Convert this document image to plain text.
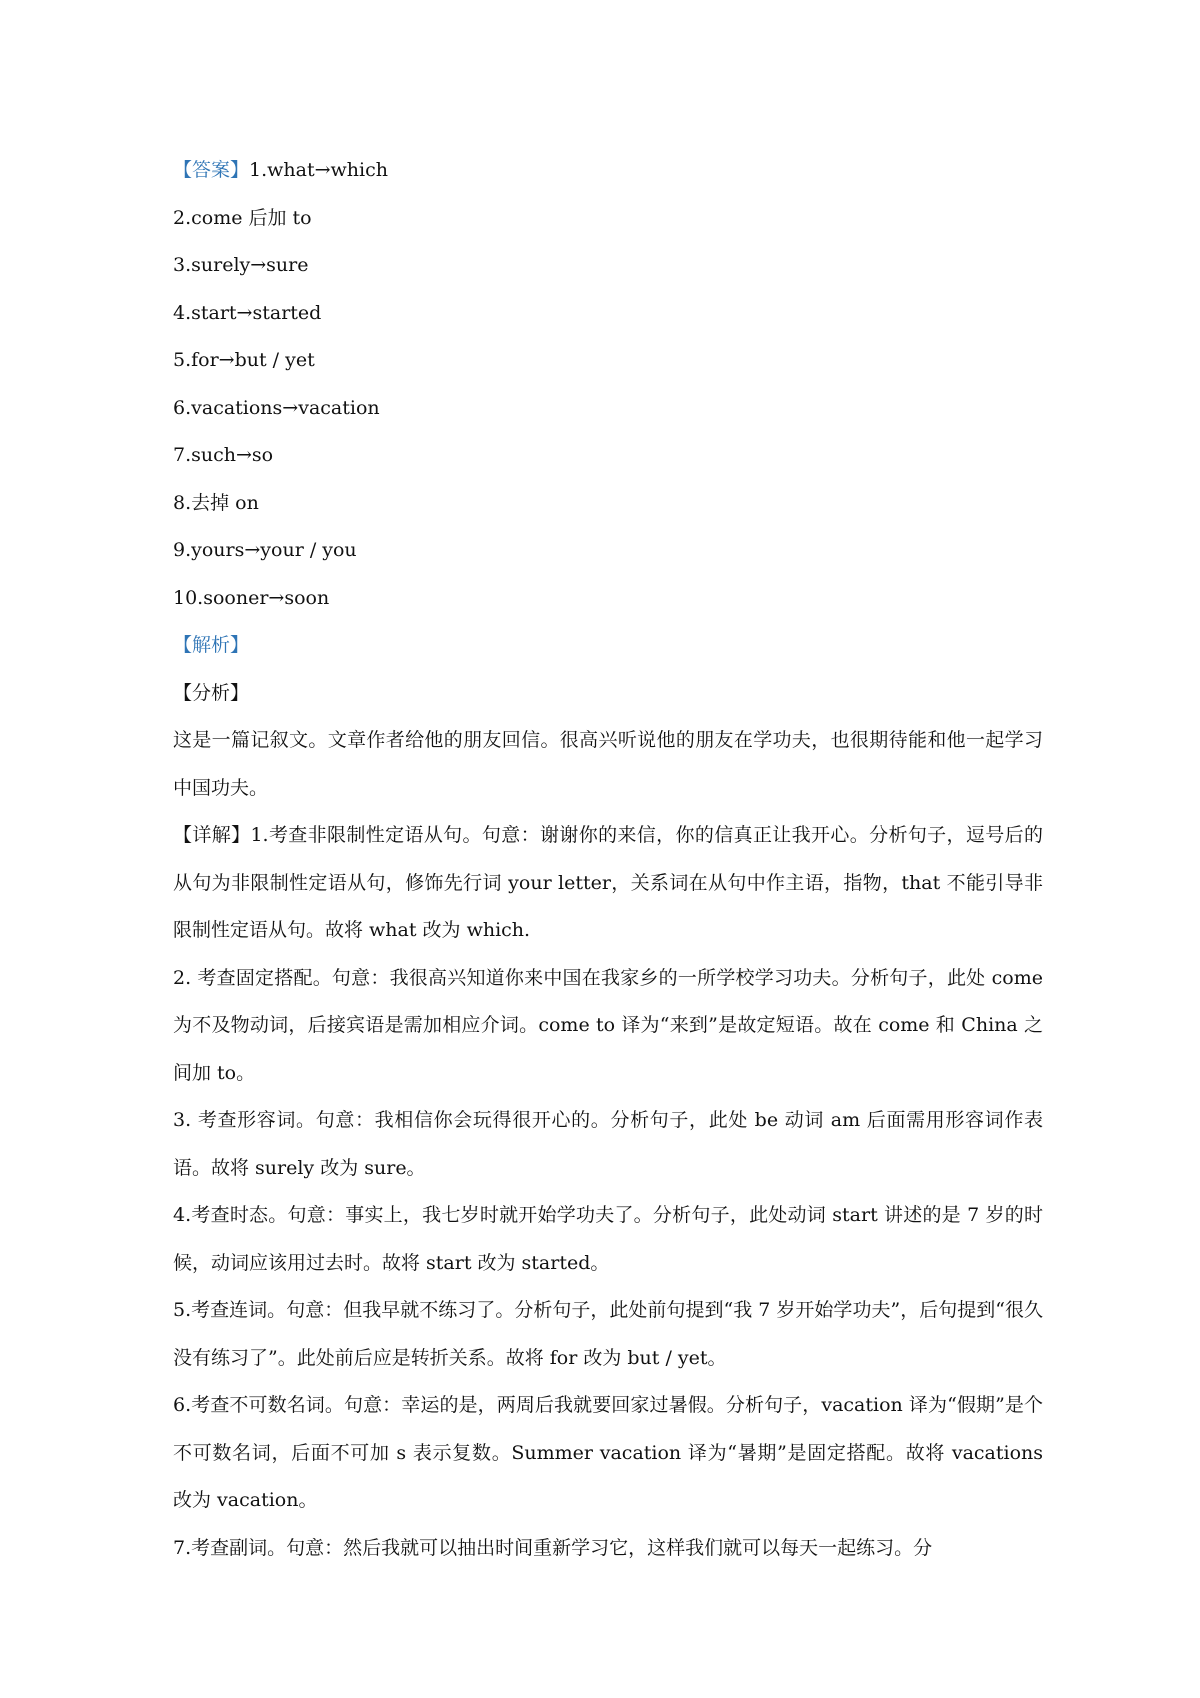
【答案】1.what→which
2.come 后加 to
3.surely→sure
4.start→started
5.for→but / yet
6.vacations→vacation
7.such→so
8.去掉 on
9.yours→your / you
10.sooner→soon
【解析】
【分析】
这是一篇记叙文。文章作者给他的朋友回信。很高兴听说他的朋友在学功夫，也很期待能和他一起学习中国功夫。
【详解】1.考查非限制性定语从句。句意：谢谢你的来信，你的信真正让我开心。分析句子，逗号后的从句为非限制性定语从句，修饰先行词 your letter，关系词在从句中作主语，指物，that 不能引导非限制性定语从句。故将 what 改为 which.
2. 考查固定搭配。句意：我很高兴知道你来中国在我家乡的一所学校学习功夫。分析句子，此处 come 为不及物动词，后接宾语是需加相应介词。come to 译为“来到”是故定短语。故在 come 和 China 之间加 to。
3. 考查形容词。句意：我相信你会玩得很开心的。分析句子，此处 be 动词 am 后面需用形容词作表语。故将 surely 改为 sure。
4.考查时态。句意：事实上，我七岁时就开始学功夫了。分析句子，此处动词 start 讲述的是 7 岁的时候，动词应该用过去时。故将 start 改为 started。
5.考查连词。句意：但我早就不练习了。分析句子，此处前句提到“我 7 岁开始学功夫”，后句提到“很久没有练习了”。此处前后应是转折关系。故将 for 改为 but / yet。
6.考查不可数名词。句意：幸运的是，两周后我就要回家过暑假。分析句子，vacation 译为“假期”是个不可数名词，后面不可加 s 表示复数。Summer vacation 译为“暑期”是固定搭配。故将 vacations 改为 vacation。
7.考查副词。句意：然后我就可以抽出时间重新学习它，这样我们就可以每天一起练习。分
